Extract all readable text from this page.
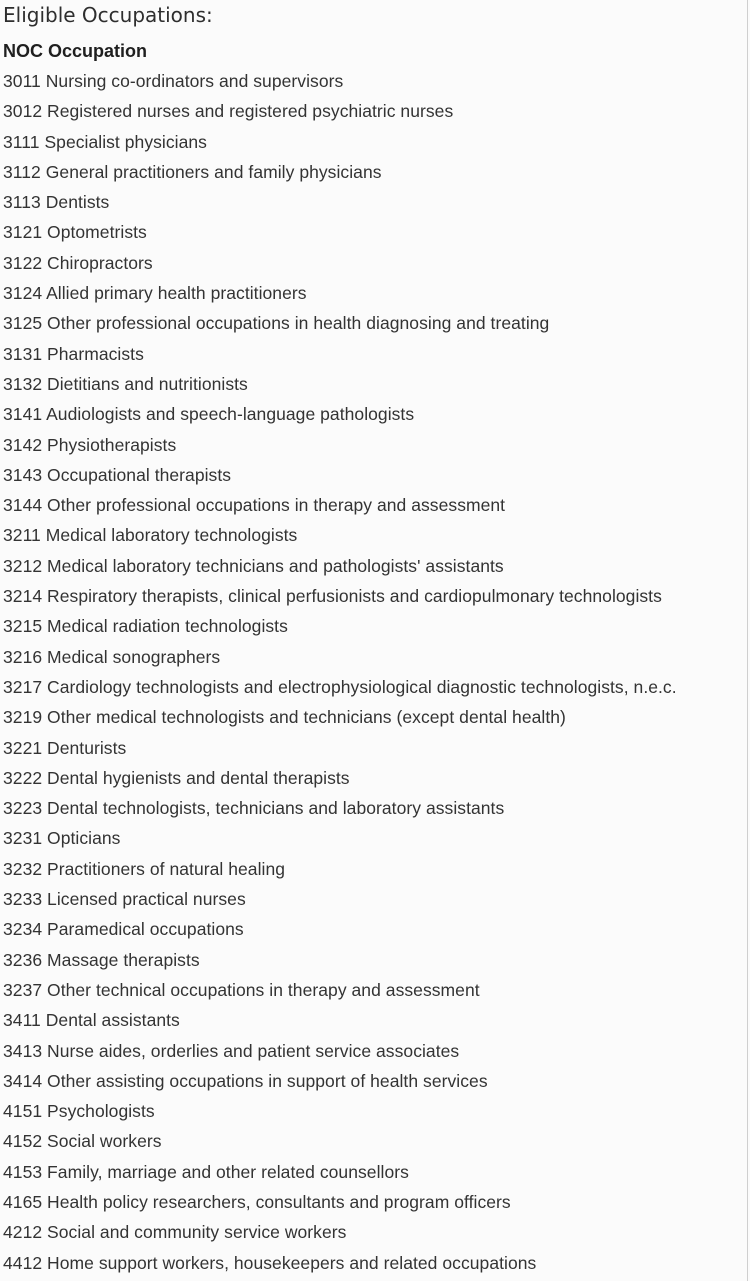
Eligible Occupations:
NOC Occupation
3011 Nursing co-ordinators and supervisors
3012 Registered nurses and registered psychiatric nurses
3111 Specialist physicians
3112 General practitioners and family physicians
3113 Dentists
3121 Optometrists
3122 Chiropractors
3124 Allied primary health practitioners
3125 Other professional occupations in health diagnosing and treating
3131 Pharmacists
3132 Dietitians and nutritionists
3141 Audiologists and speech-language pathologists
3142 Physiotherapists
3143 Occupational therapists
3144 Other professional occupations in therapy and assessment
3211 Medical laboratory technologists
3212 Medical laboratory technicians and pathologists' assistants
3214 Respiratory therapists, clinical perfusionists and cardiopulmonary technologists
3215 Medical radiation technologists
3216 Medical sonographers
3217 Cardiology technologists and electrophysiological diagnostic technologists, n.e.c.
3219 Other medical technologists and technicians (except dental health)
3221 Denturists
3222 Dental hygienists and dental therapists
3223 Dental technologists, technicians and laboratory assistants
3231 Opticians
3232 Practitioners of natural healing
3233 Licensed practical nurses
3234 Paramedical occupations
3236 Massage therapists
3237 Other technical occupations in therapy and assessment
3411 Dental assistants
3413 Nurse aides, orderlies and patient service associates
3414 Other assisting occupations in support of health services
4151 Psychologists
4152 Social workers
4153 Family, marriage and other related counsellors
4165 Health policy researchers, consultants and program officers
4212 Social and community service workers
4412 Home support workers, housekeepers and related occupations
